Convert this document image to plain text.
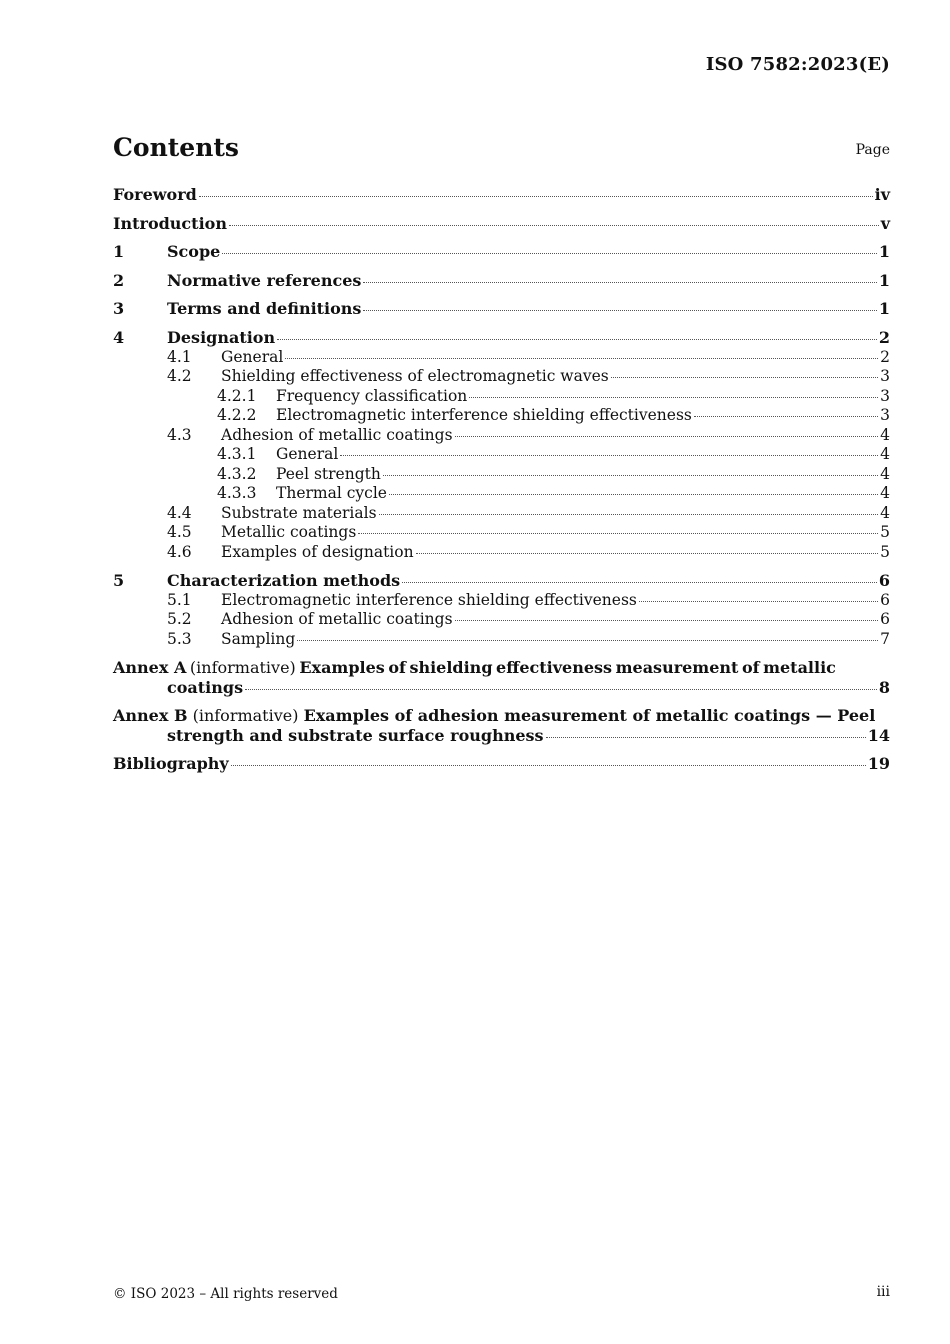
ISO 7582:2023(E)
Contents	Page
Foreword	iv
Introduction	v
1	Scope	1
2	Normative references	1
3	Terms and definitions	1
4	Designation	2
4.1	General	2
4.2	Shielding effectiveness of electromagnetic waves	3
4.2.1	Frequency classification	3
4.2.2	Electromagnetic interference shielding effectiveness	3
4.3	Adhesion of metallic coatings	4
4.3.1	General	4
4.3.2	Peel strength	4
4.3.3	Thermal cycle	4
4.4	Substrate materials	4
4.5	Metallic coatings	5
4.6	Examples of designation	5
5	Characterization methods	6
5.1	Electromagnetic interference shielding effectiveness	6
5.2	Adhesion of metallic coatings	6
5.3	Sampling	7
Annex A (informative) Examples of shielding effectiveness measurement of metallic
coatings	8
Annex B (informative) Examples of adhesion measurement of metallic coatings — Peel
strength and substrate surface roughness	14
Bibliography	19
© ISO 2023 – All rights reserved	iii
